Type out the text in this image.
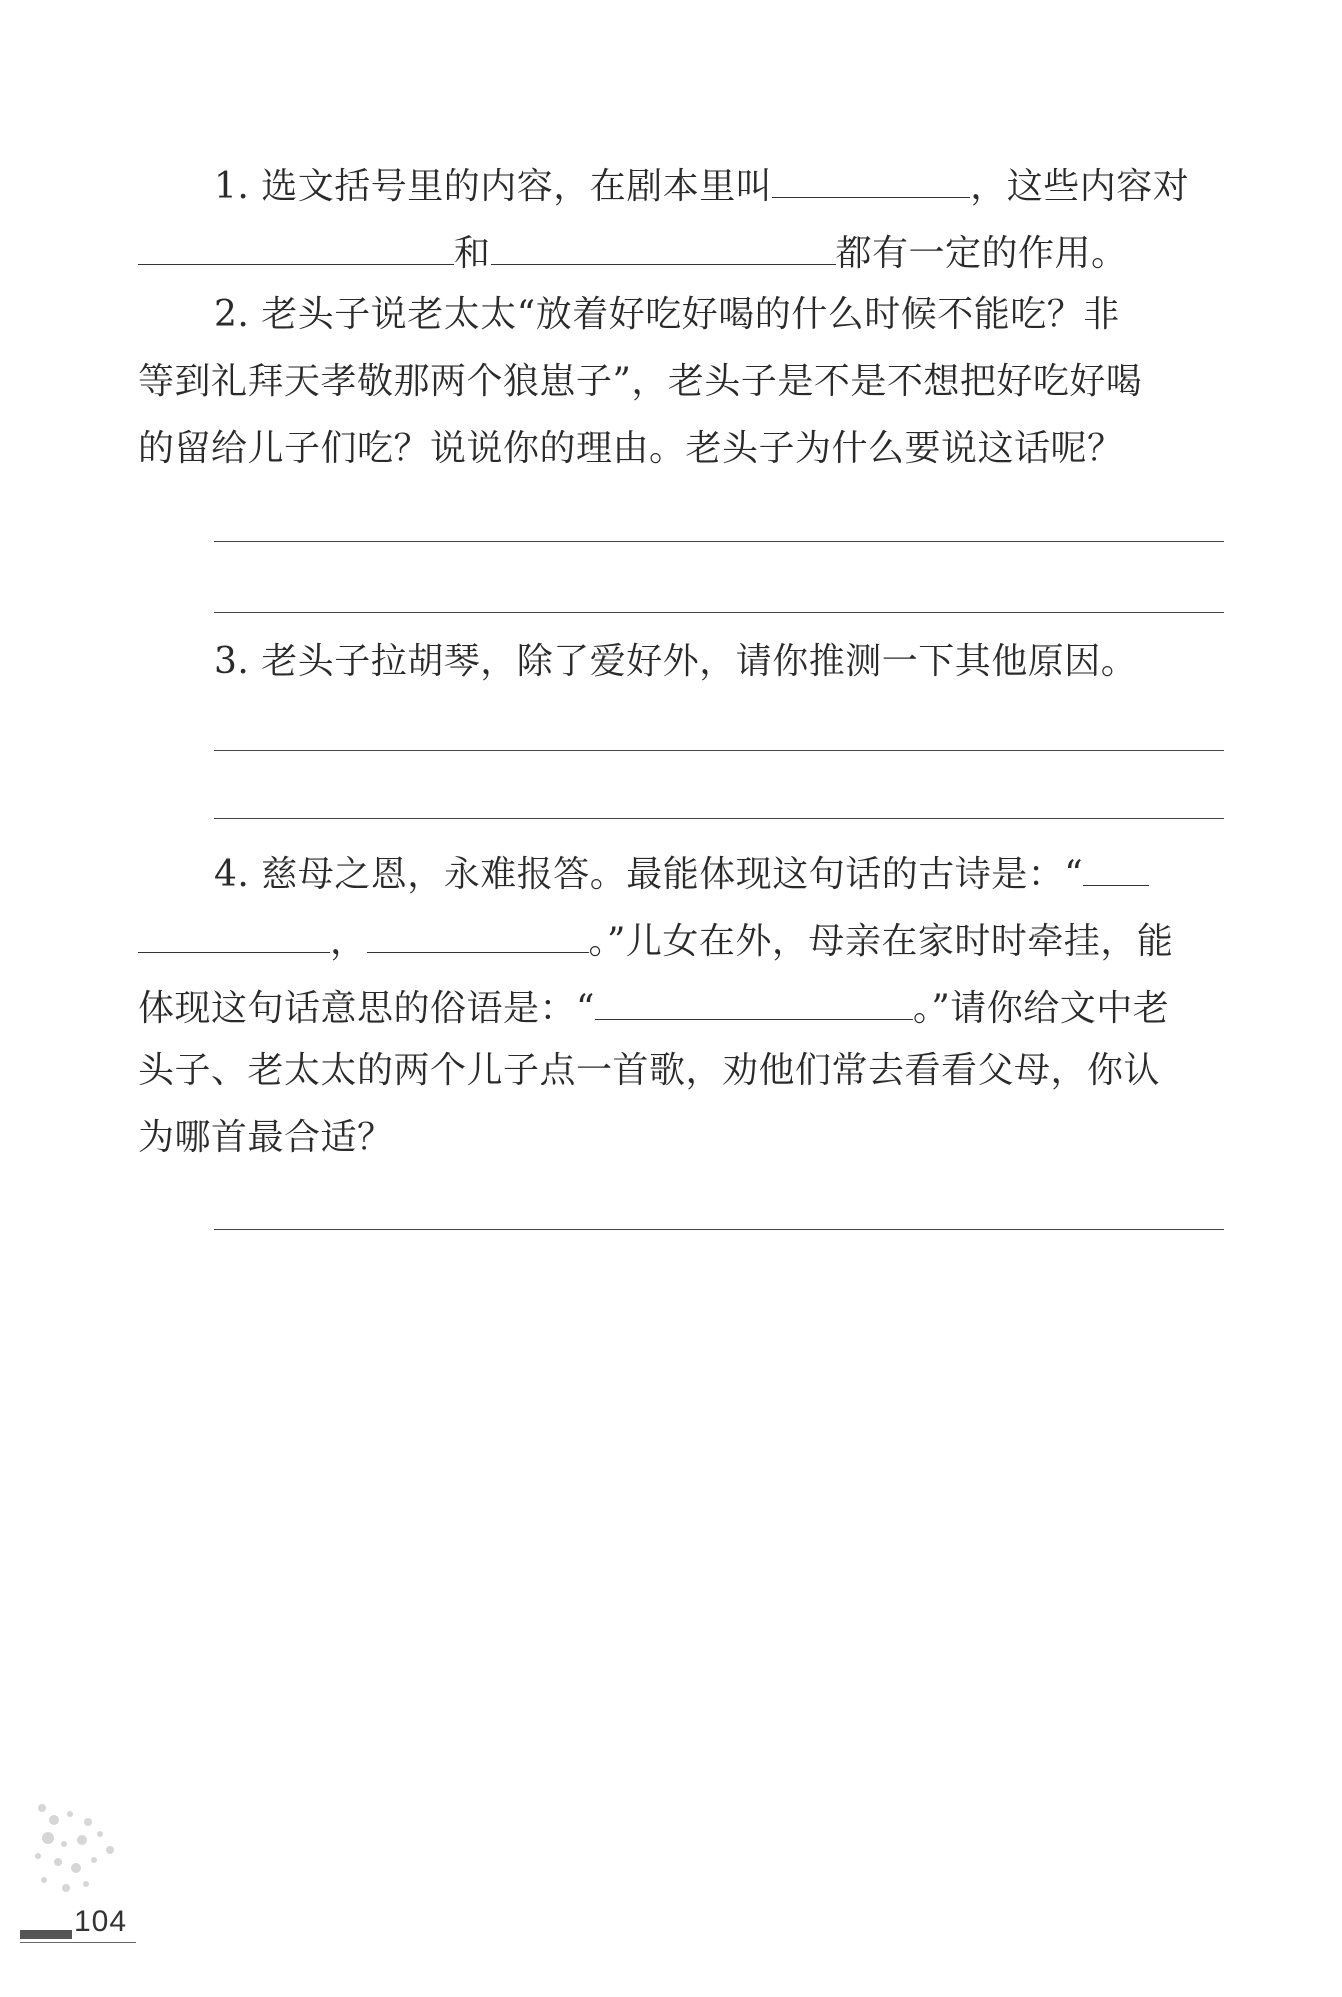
1. 选文括号里的内容，在剧本里叫	，这些内容对
和	都有一定的作用。
2. 老头子说老太太“放着好吃好喝的什么时候不能吃？非
等到礼拜天孝敬那两个狼崽子”，老头子是不是不想把好吃好喝
的留给儿子们吃？说说你的理由。老头子为什么要说这话呢？
3. 老头子拉胡琴，除了爱好外，请你推测一下其他原因。
4. 慈母之恩，永难报答。最能体现这句话的古诗是：“
，	。”儿女在外，母亲在家时时牵挂，能
体现这句话意思的俗语是：“	。”请你给文中老
头子、老太太的两个儿子点一首歌，劝他们常去看看父母，你认
为哪首最合适？
104
